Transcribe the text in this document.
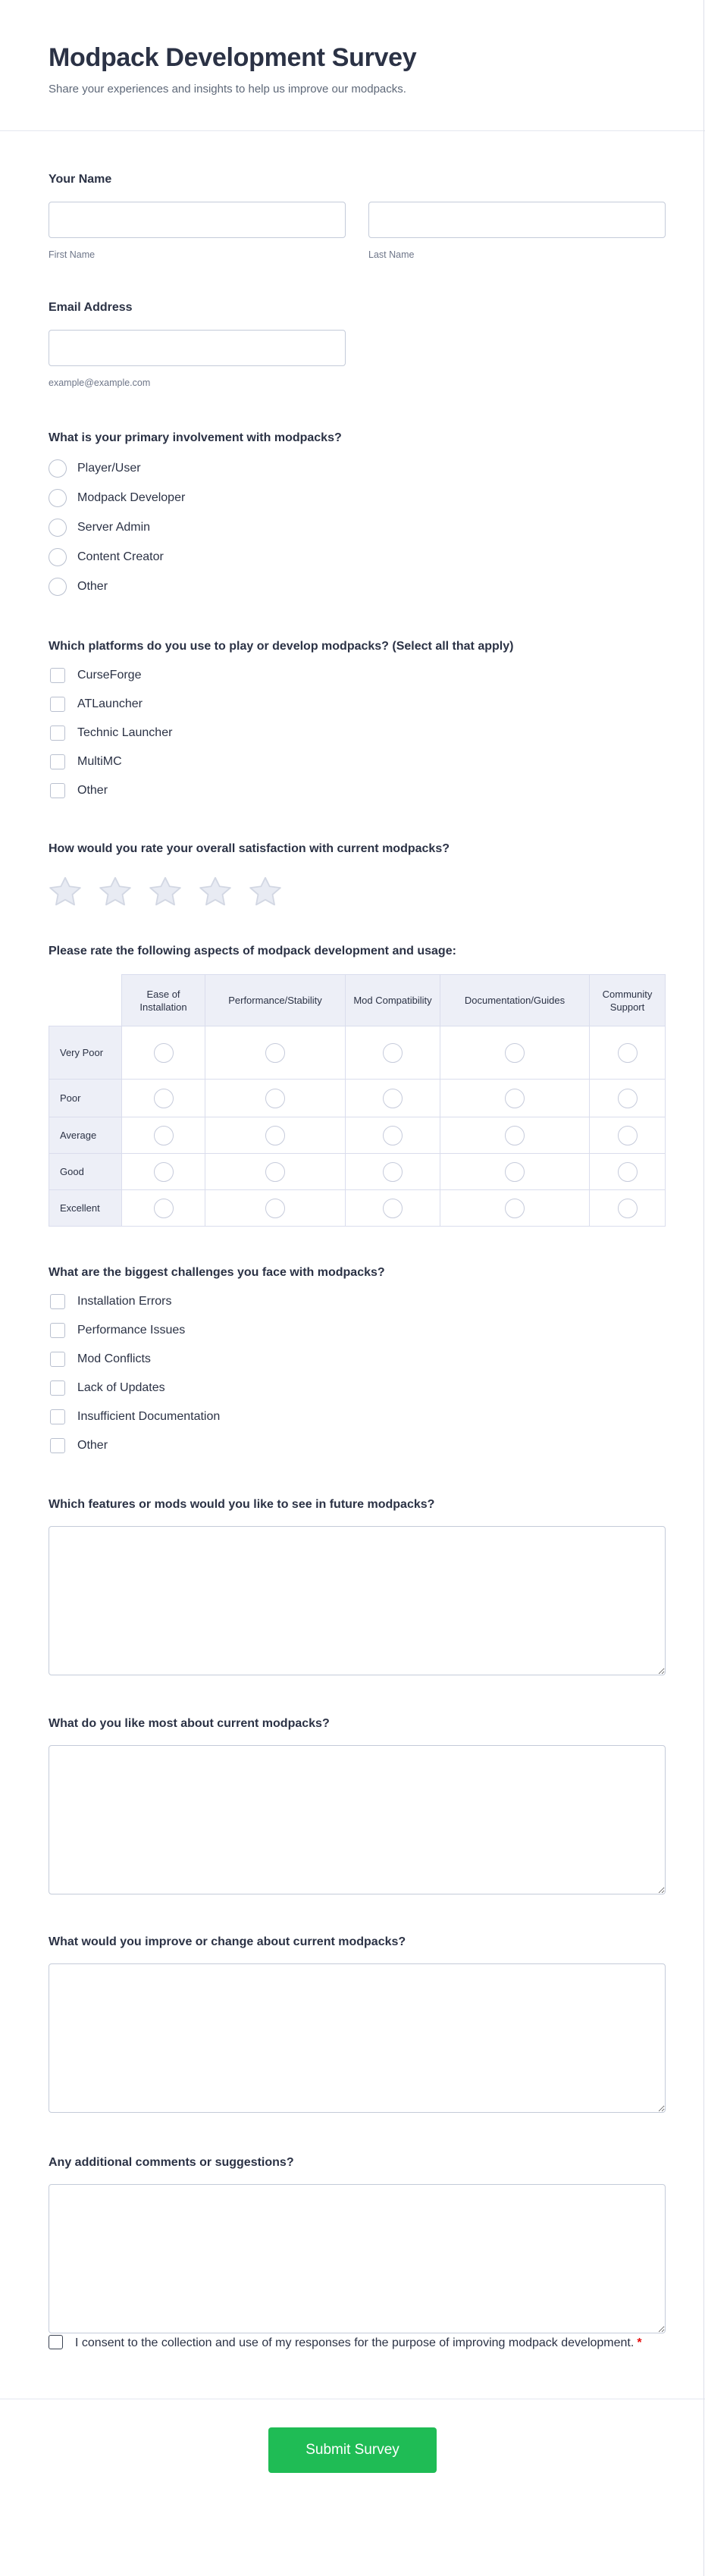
Modpack Development Survey
Share your experiences and insights to help us improve our modpacks.
Your Name
First Name	Last Name
Email Address
example@example.com
What is your primary involvement with modpacks?
Player/User
Modpack Developer
Server Admin
Content Creator
Other
Which platforms do you use to play or develop modpacks? (Select all that apply)
CurseForge
ATLauncher
Technic Launcher
MultiMC
Other
How would you rate your overall satisfaction with current modpacks?
Please rate the following aspects of modpack development and usage:
	Ease of Installation	Performance/Stability	Mod Compatibility	Documentation/Guides	Community Support
Very Poor					
Poor					
Average					
Good					
Excellent					
What are the biggest challenges you face with modpacks?
Installation Errors
Performance Issues
Mod Conflicts
Lack of Updates
Insufficient Documentation
Other
Which features or mods would you like to see in future modpacks?
What do you like most about current modpacks?
What would you improve or change about current modpacks?
Any additional comments or suggestions?
I consent to the collection and use of my responses for the purpose of improving modpack development. *
Submit Survey
